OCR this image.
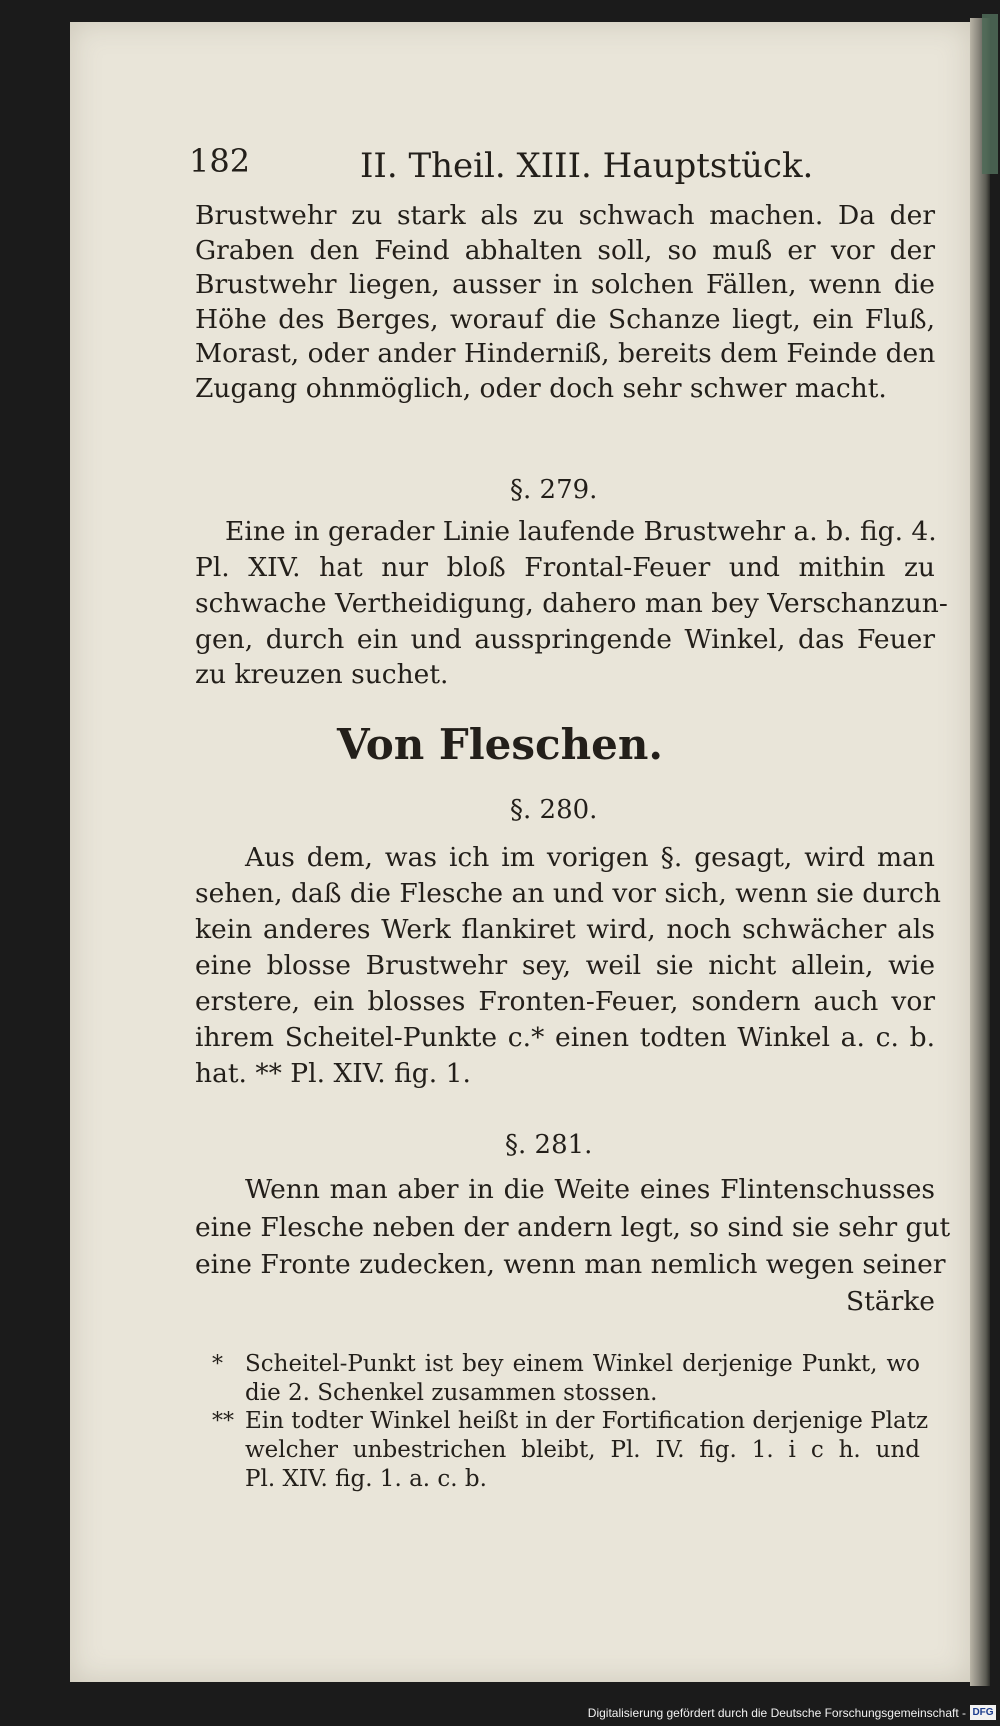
182	II. Theil. XIII. Hauptstück.
Brustwehr zu stark als zu schwach machen. Da der
Graben den Feind abhalten soll, so muß er vor der
Brustwehr liegen, ausser in solchen Fällen, wenn die
Höhe des Berges, worauf die Schanze liegt, ein Fluß,
Morast, oder ander Hinderniß, bereits dem Feinde den
Zugang ohnmöglich, oder doch sehr schwer macht.
§. 279.
Eine in gerader Linie laufende Brustwehr a. b. fig. 4.
Pl. XIV. hat nur bloß Frontal-Feuer und mithin zu
schwache Vertheidigung, dahero man bey Verschanzun-
gen, durch ein und ausspringende Winkel, das Feuer
zu kreuzen suchet.
Von Fleschen.
§. 280.
Aus dem, was ich im vorigen §. gesagt, wird man
sehen, daß die Flesche an und vor sich, wenn sie durch
kein anderes Werk flankiret wird, noch schwächer als
eine blosse Brustwehr sey, weil sie nicht allein, wie
erstere, ein blosses Fronten-Feuer, sondern auch vor
ihrem Scheitel-Punkte c.* einen todten Winkel a. c. b.
hat. ** Pl. XIV. fig. 1.
§. 281.
Wenn man aber in die Weite eines Flintenschusses
eine Flesche neben der andern legt, so sind sie sehr gut
eine Fronte zudecken, wenn man nemlich wegen seiner
Stärke
* Scheitel-Punkt ist bey einem Winkel derjenige Punkt, wo
die 2. Schenkel zusammen stossen.
** Ein todter Winkel heißt in der Fortification derjenige Platz
welcher unbestrichen bleibt, Pl. IV. fig. 1. i c h. und
Pl. XIV. fig. 1. a. c. b.
Digitalisierung gefördert durch die Deutsche Forschungsgemeinschaft - DFG
